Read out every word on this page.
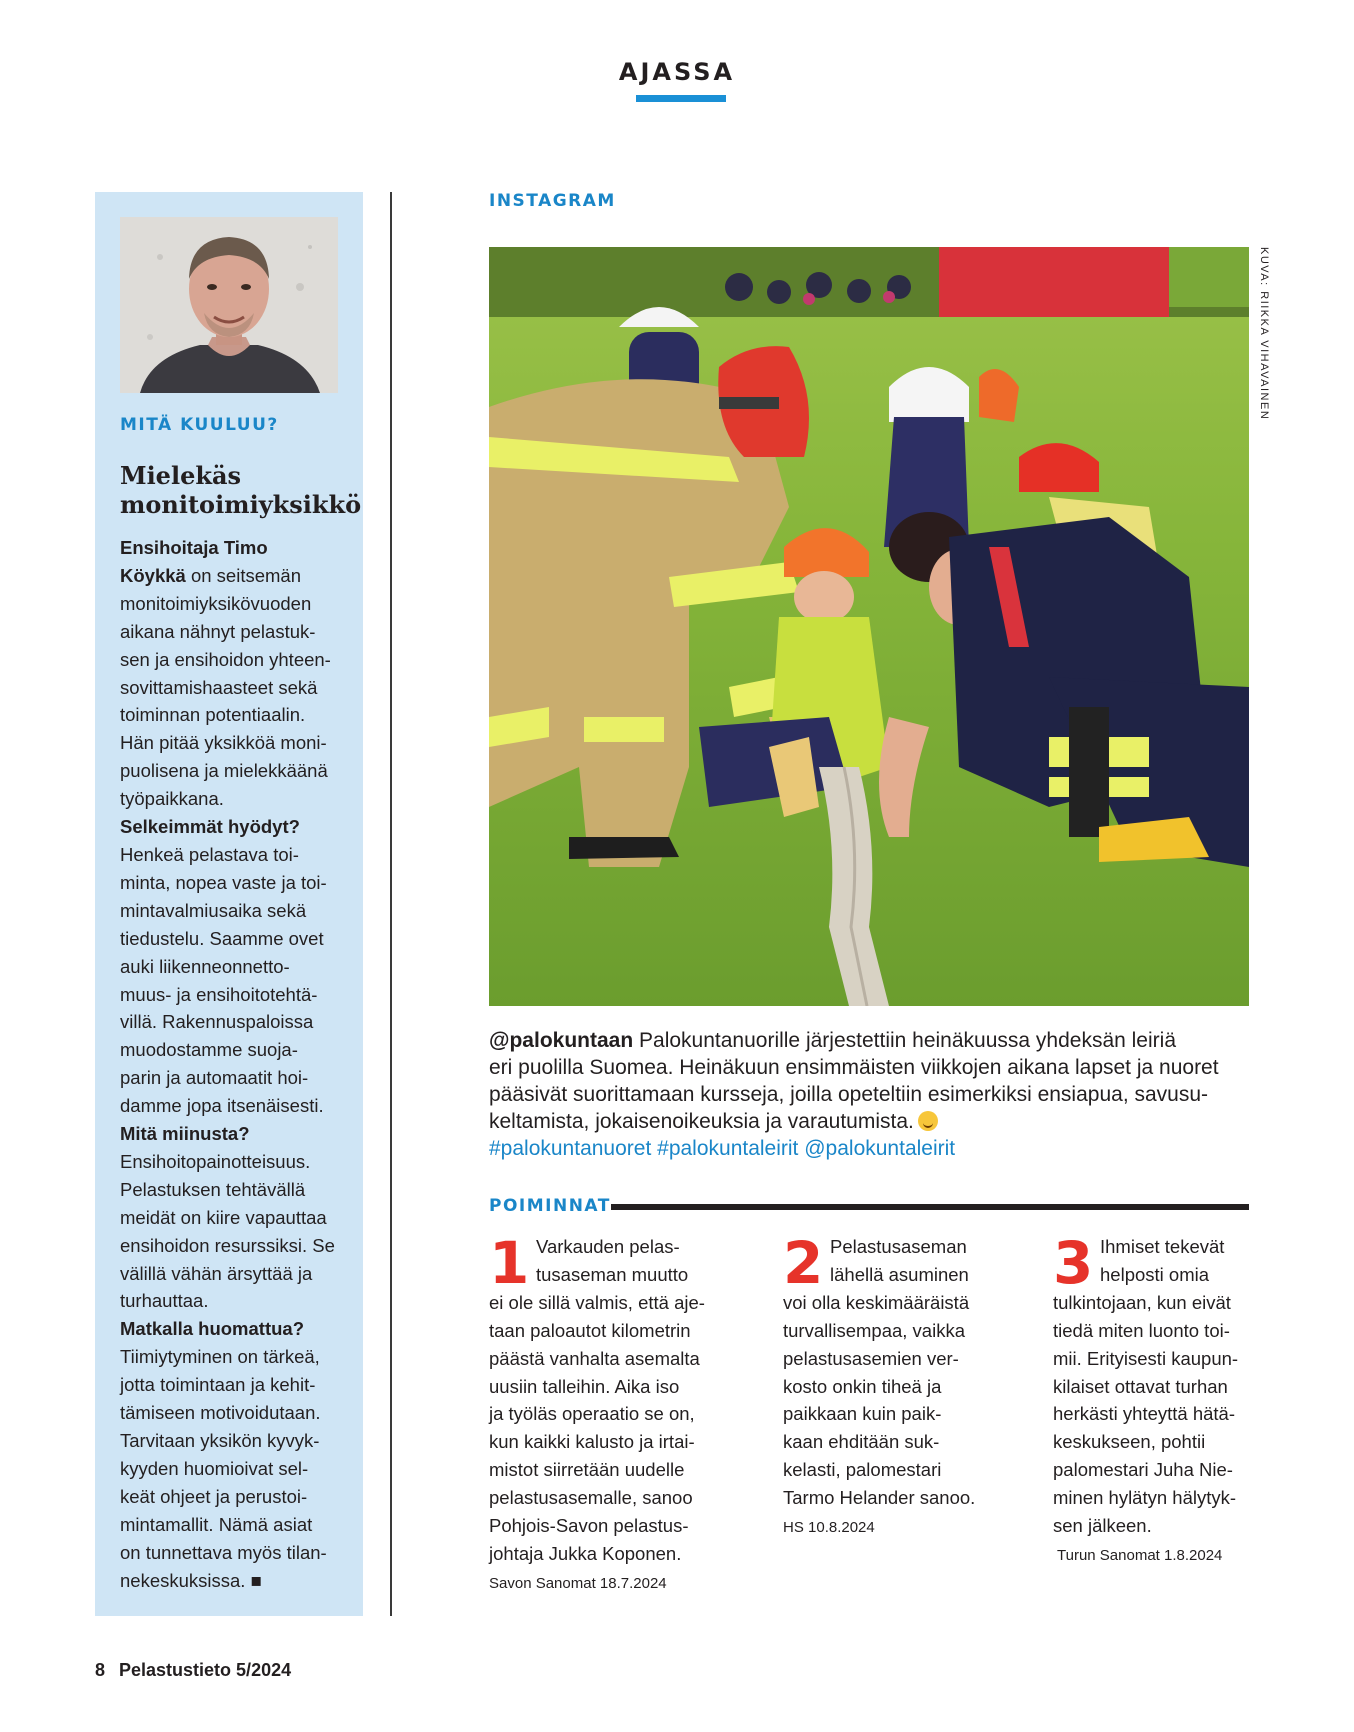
AJASSA
MITÄ KUULUU?
Mielekäs
monitoimiyksikkö
Ensihoitaja Timo
Köykkä on seitsemän
monitoimiyksikövuoden
aikana nähnyt pelastuk-
sen ja ensihoidon yhteen-
sovittamishaasteet sekä
toiminnan potentiaalin.
Hän pitää yksikköä moni-
puolisena ja mielekkäänä
työpaikkana.
Selkeimmät hyödyt?
Henkeä pelastava toi-
minta, nopea vaste ja toi-
mintavalmiusaika sekä
tiedustelu. Saamme ovet
auki liikenneonnetto-
muus- ja ensihoitotehtä-
villä. Rakennuspaloissa
muodostamme suoja-
parin ja automaatit hoi-
damme jopa itsenäisesti.
Mitä miinusta?
Ensihoitopainotteisuus.
Pelastuksen tehtävällä
meidät on kiire vapauttaa
ensihoidon resurssiksi. Se
välillä vähän ärsyttää ja
turhauttaa.
Matkalla huomattua?
Tiimiytyminen on tärkeä,
jotta toimintaan ja kehit-
tämiseen motivoidutaan.
Tarvitaan yksikön kyvyk-
kyyden huomioivat sel-
keät ohjeet ja perustoi-
mintamallit. Nämä asiat
on tunnettava myös tilan-
nekeskuksissa. ■
INSTAGRAM
KUVA: RIIKKA VIHAVAINEN
@palokuntaan Palokuntanuorille järjestettiin heinäkuussa yhdeksän leiriä
eri puolilla Suomea. Heinäkuun ensimmäisten viikkojen aikana lapset ja nuoret
pääsivät suorittamaan kursseja, joilla opeteltiin esimerkiksi ensiapua, savusu-
keltamista, jokaisenoikeuksia ja varautumista.
#palokuntanuoret #palokuntaleirit @palokuntaleirit
POIMINNAT
1 Varkauden pelas-
tusaseman muutto
ei ole sillä valmis, että aje-
taan paloautot kilometrin
päästä vanhalta asemalta
uusiin talleihin. Aika iso
ja työläs operaatio se on,
kun kaikki kalusto ja irtai-
mistot siirretään uudelle
pelastusasemalle, sanoo
Pohjois-Savon pelastus-
johtaja Jukka Koponen.
Savon Sanomat 18.7.2024
2 Pelastusaseman
lähellä asuminen
voi olla keskimääräistä
turvallisempaa, vaikka
pelastusasemien ver-
kosto onkin tiheä ja
paikkaan kuin paik-
kaan ehditään suk-
kelasti, palomestari
Tarmo Helander sanoo.
HS 10.8.2024
3 Ihmiset tekevät
helposti omia
tulkintojaan, kun eivät
tiedä miten luonto toi-
mii. Erityisesti kaupun-
kilaiset ottavat turhan
herkästi yhteyttä hätä-
keskukseen, pohtii
palomestari Juha Nie-
minen hylätyn hälytyk-
sen jälkeen.
Turun Sanomat 1.8.2024
8 Pelastustieto 5/2024
